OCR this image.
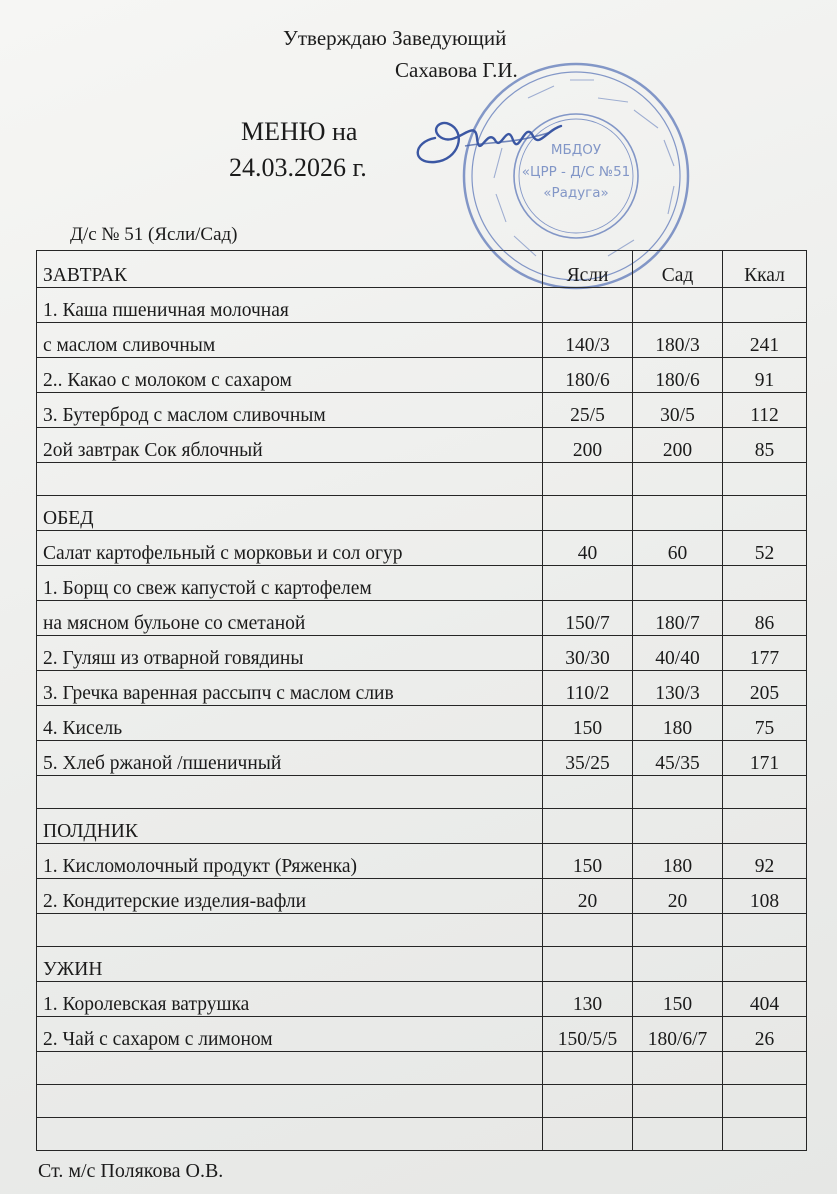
МБДОУ
«ЦРР - Д/С №51
«Радуга»
Утверждаю Заведующий
Сахавова Г.И.
МЕНЮ на
24.03.2026 г.
Д/с № 51 (Ясли/Сад)
ЗАВТРАК	Ясли	Сад	Ккал
1. Каша пшеничная молочная			
с маслом сливочным	140/3	180/3	241
2.. Какао с молоком с сахаром	180/6	180/6	91
3. Бутерброд с маслом сливочным	25/5	30/5	112
2ой завтрак Сок яблочный	200	200	85

ОБЕД			
Салат картофельный с морковьи и сол огур	40	60	52
1. Борщ со свеж капустой с картофелем			
на мясном бульоне со сметаной	150/7	180/7	86
2. Гуляш из отварной говядины	30/30	40/40	177
3. Гречка варенная рассыпч с маслом слив	110/2	130/3	205
4. Кисель	150	180	75
5. Хлеб ржаной /пшеничный	35/25	45/35	171

ПОЛДНИК			
1. Кисломолочный продукт (Ряженка)	150	180	92
2. Кондитерские изделия-вафли	20	20	108

УЖИН			
1. Королевская ватрушка	130	150	404
2. Чай с сахаром с лимоном	150/5/5	180/6/7	26

Ст. м/с Полякова О.В.
